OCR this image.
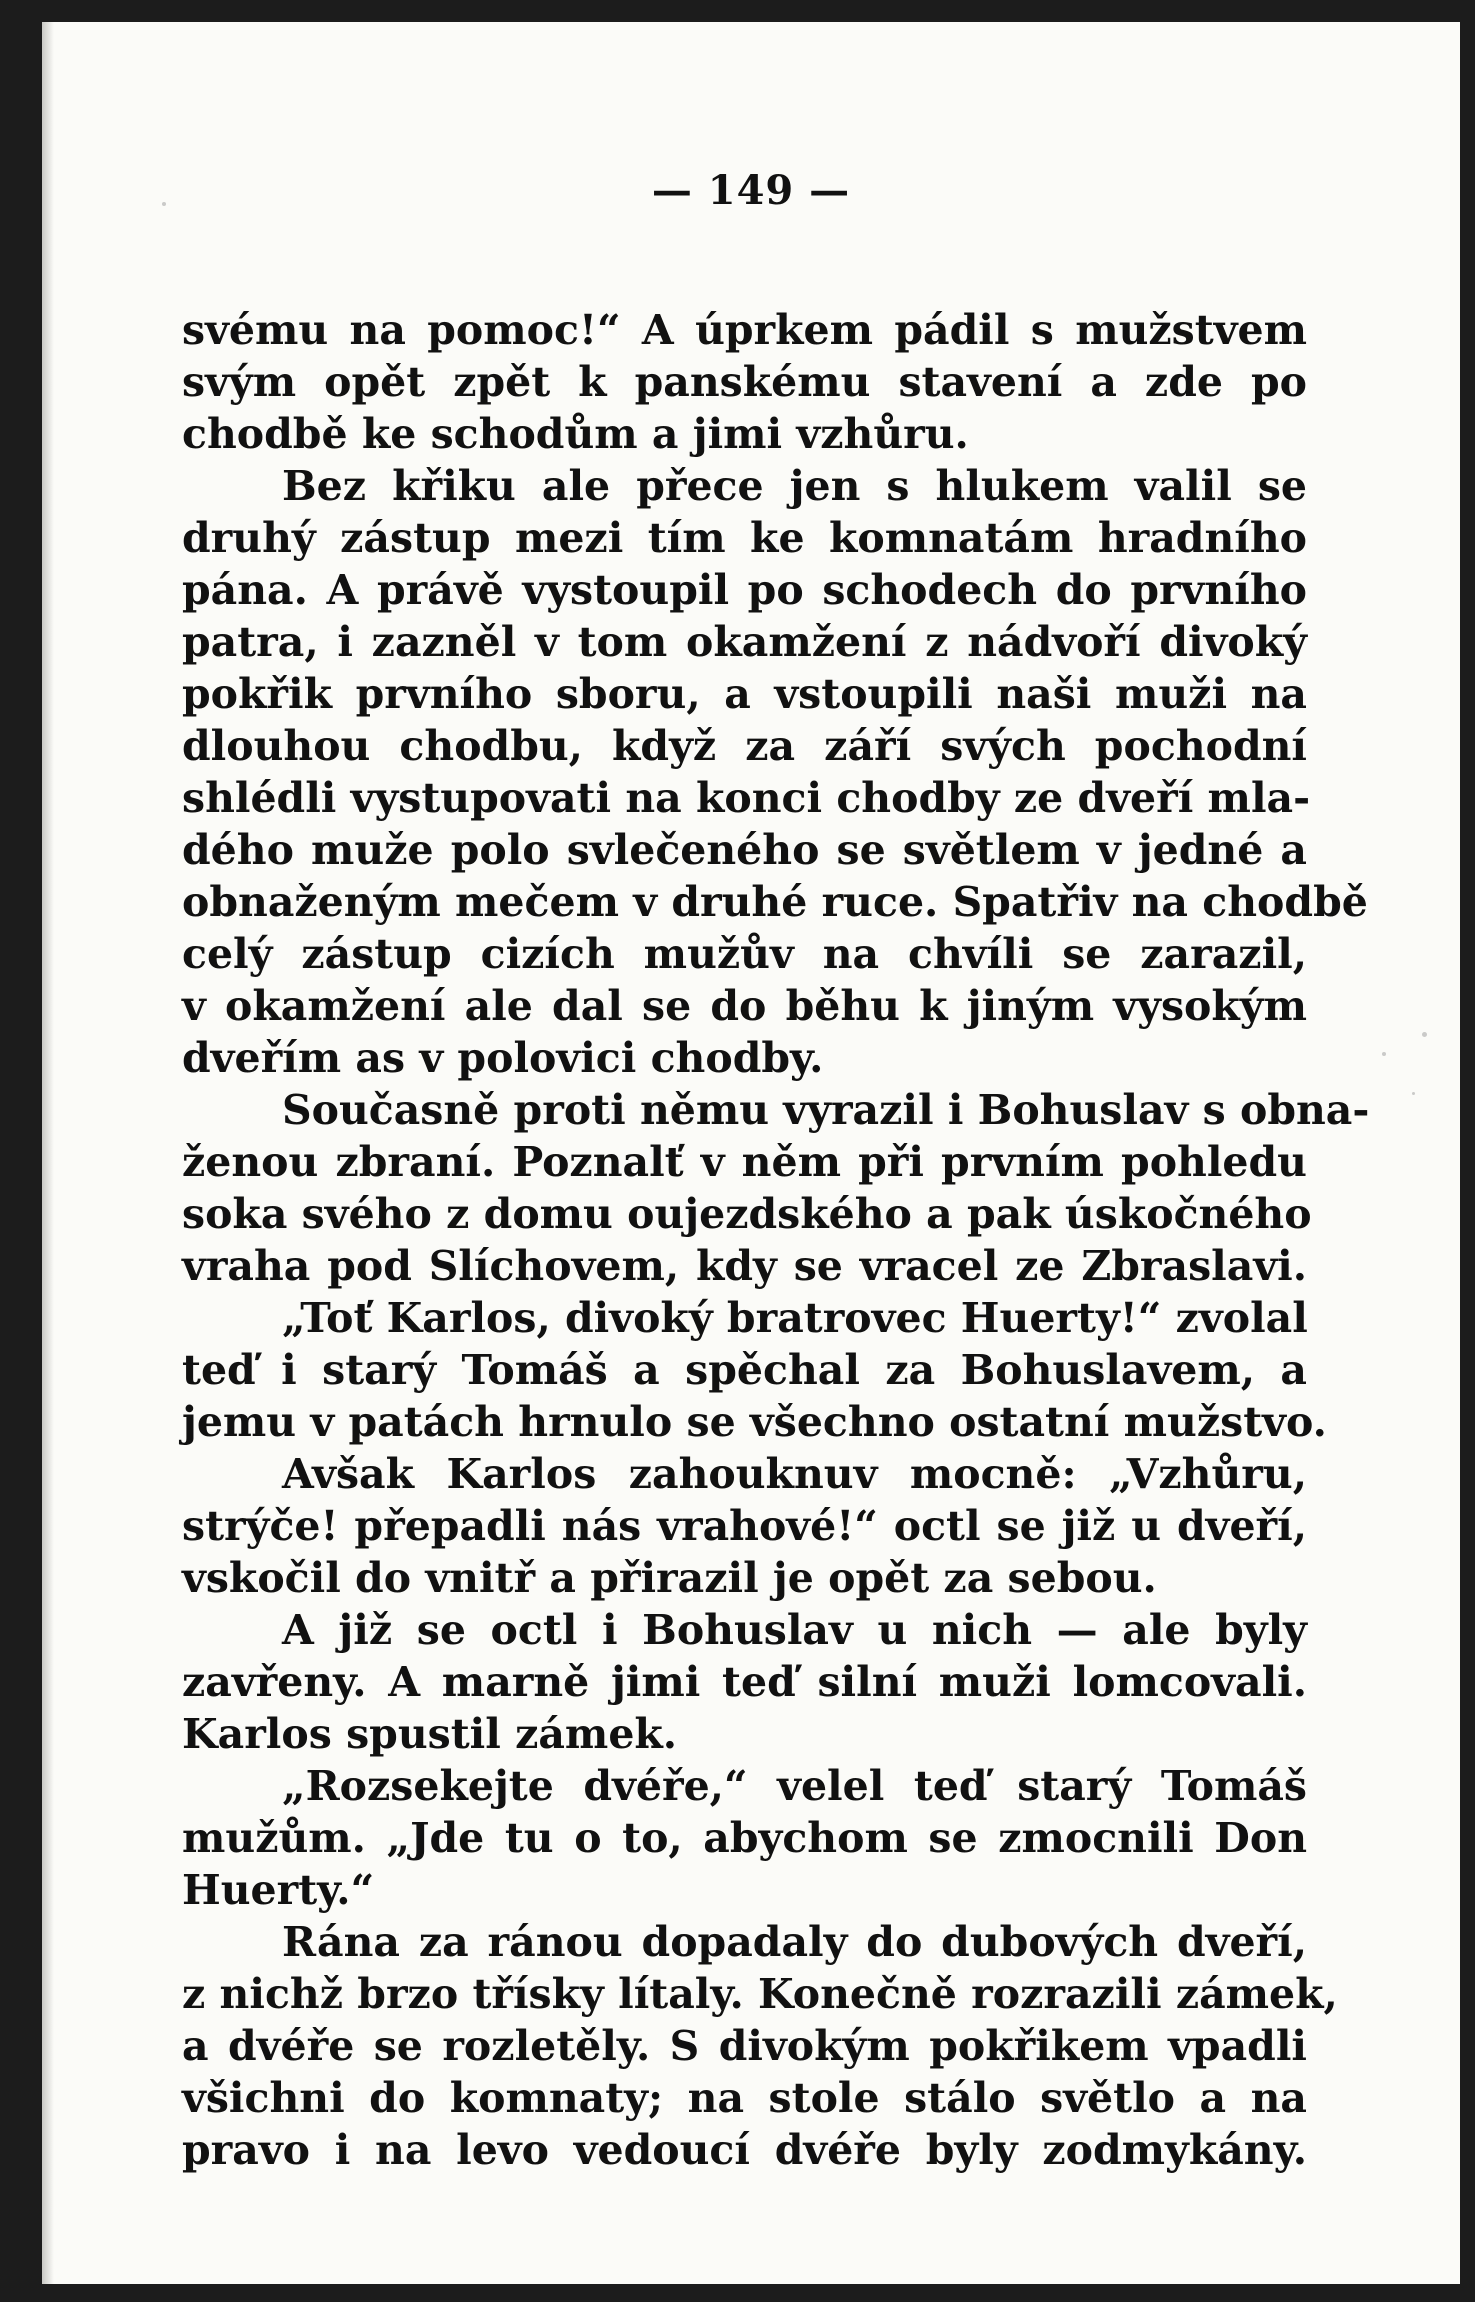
— 149 —
svému na pomoc!“ A úprkem pádil s mužstvem
svým opět zpět k panskému stavení a zde po
chodbě ke schodům a jimi vzhůru.
Bez křiku ale přece jen s hlukem valil se
druhý zástup mezi tím ke komnatám hradního
pána. A právě vystoupil po schodech do prvního
patra, i zazněl v tom okamžení z nádvoří divoký
pokřik prvního sboru, a vstoupili naši muži na
dlouhou chodbu, když za září svých pochodní
shlédli vystupovati na konci chodby ze dveří mla-
dého muže polo svlečeného se světlem v jedné a
obnaženým mečem v druhé ruce. Spatřiv na chodbě
celý zástup cizích mužův na chvíli se zarazil,
v okamžení ale dal se do běhu k jiným vysokým
dveřím as v polovici chodby.
Současně proti němu vyrazil i Bohuslav s obna-
ženou zbraní. Poznalť v něm při prvním pohledu
soka svého z domu oujezdského a pak úskočného
vraha pod Slíchovem, kdy se vracel ze Zbraslavi.
„Toť Karlos, divoký bratrovec Huerty!“ zvolal
teď i starý Tomáš a spěchal za Bohuslavem, a
jemu v patách hrnulo se všechno ostatní mužstvo.
Avšak Karlos zahouknuv mocně: „Vzhůru,
strýče! přepadli nás vrahové!“ octl se již u dveří,
vskočil do vnitř a přirazil je opět za sebou.
A již se octl i Bohuslav u nich — ale byly
zavřeny. A marně jimi teď silní muži lomcovali.
Karlos spustil zámek.
„Rozsekejte dvéře,“ velel teď starý Tomáš
mužům. „Jde tu o to, abychom se zmocnili Don
Huerty.“
Rána za ránou dopadaly do dubových dveří,
z nichž brzo třísky lítaly. Konečně rozrazili zámek,
a dvéře se rozletěly. S divokým pokřikem vpadli
všichni do komnaty; na stole stálo světlo a na
pravo i na levo vedoucí dvéře byly zodmykány.
